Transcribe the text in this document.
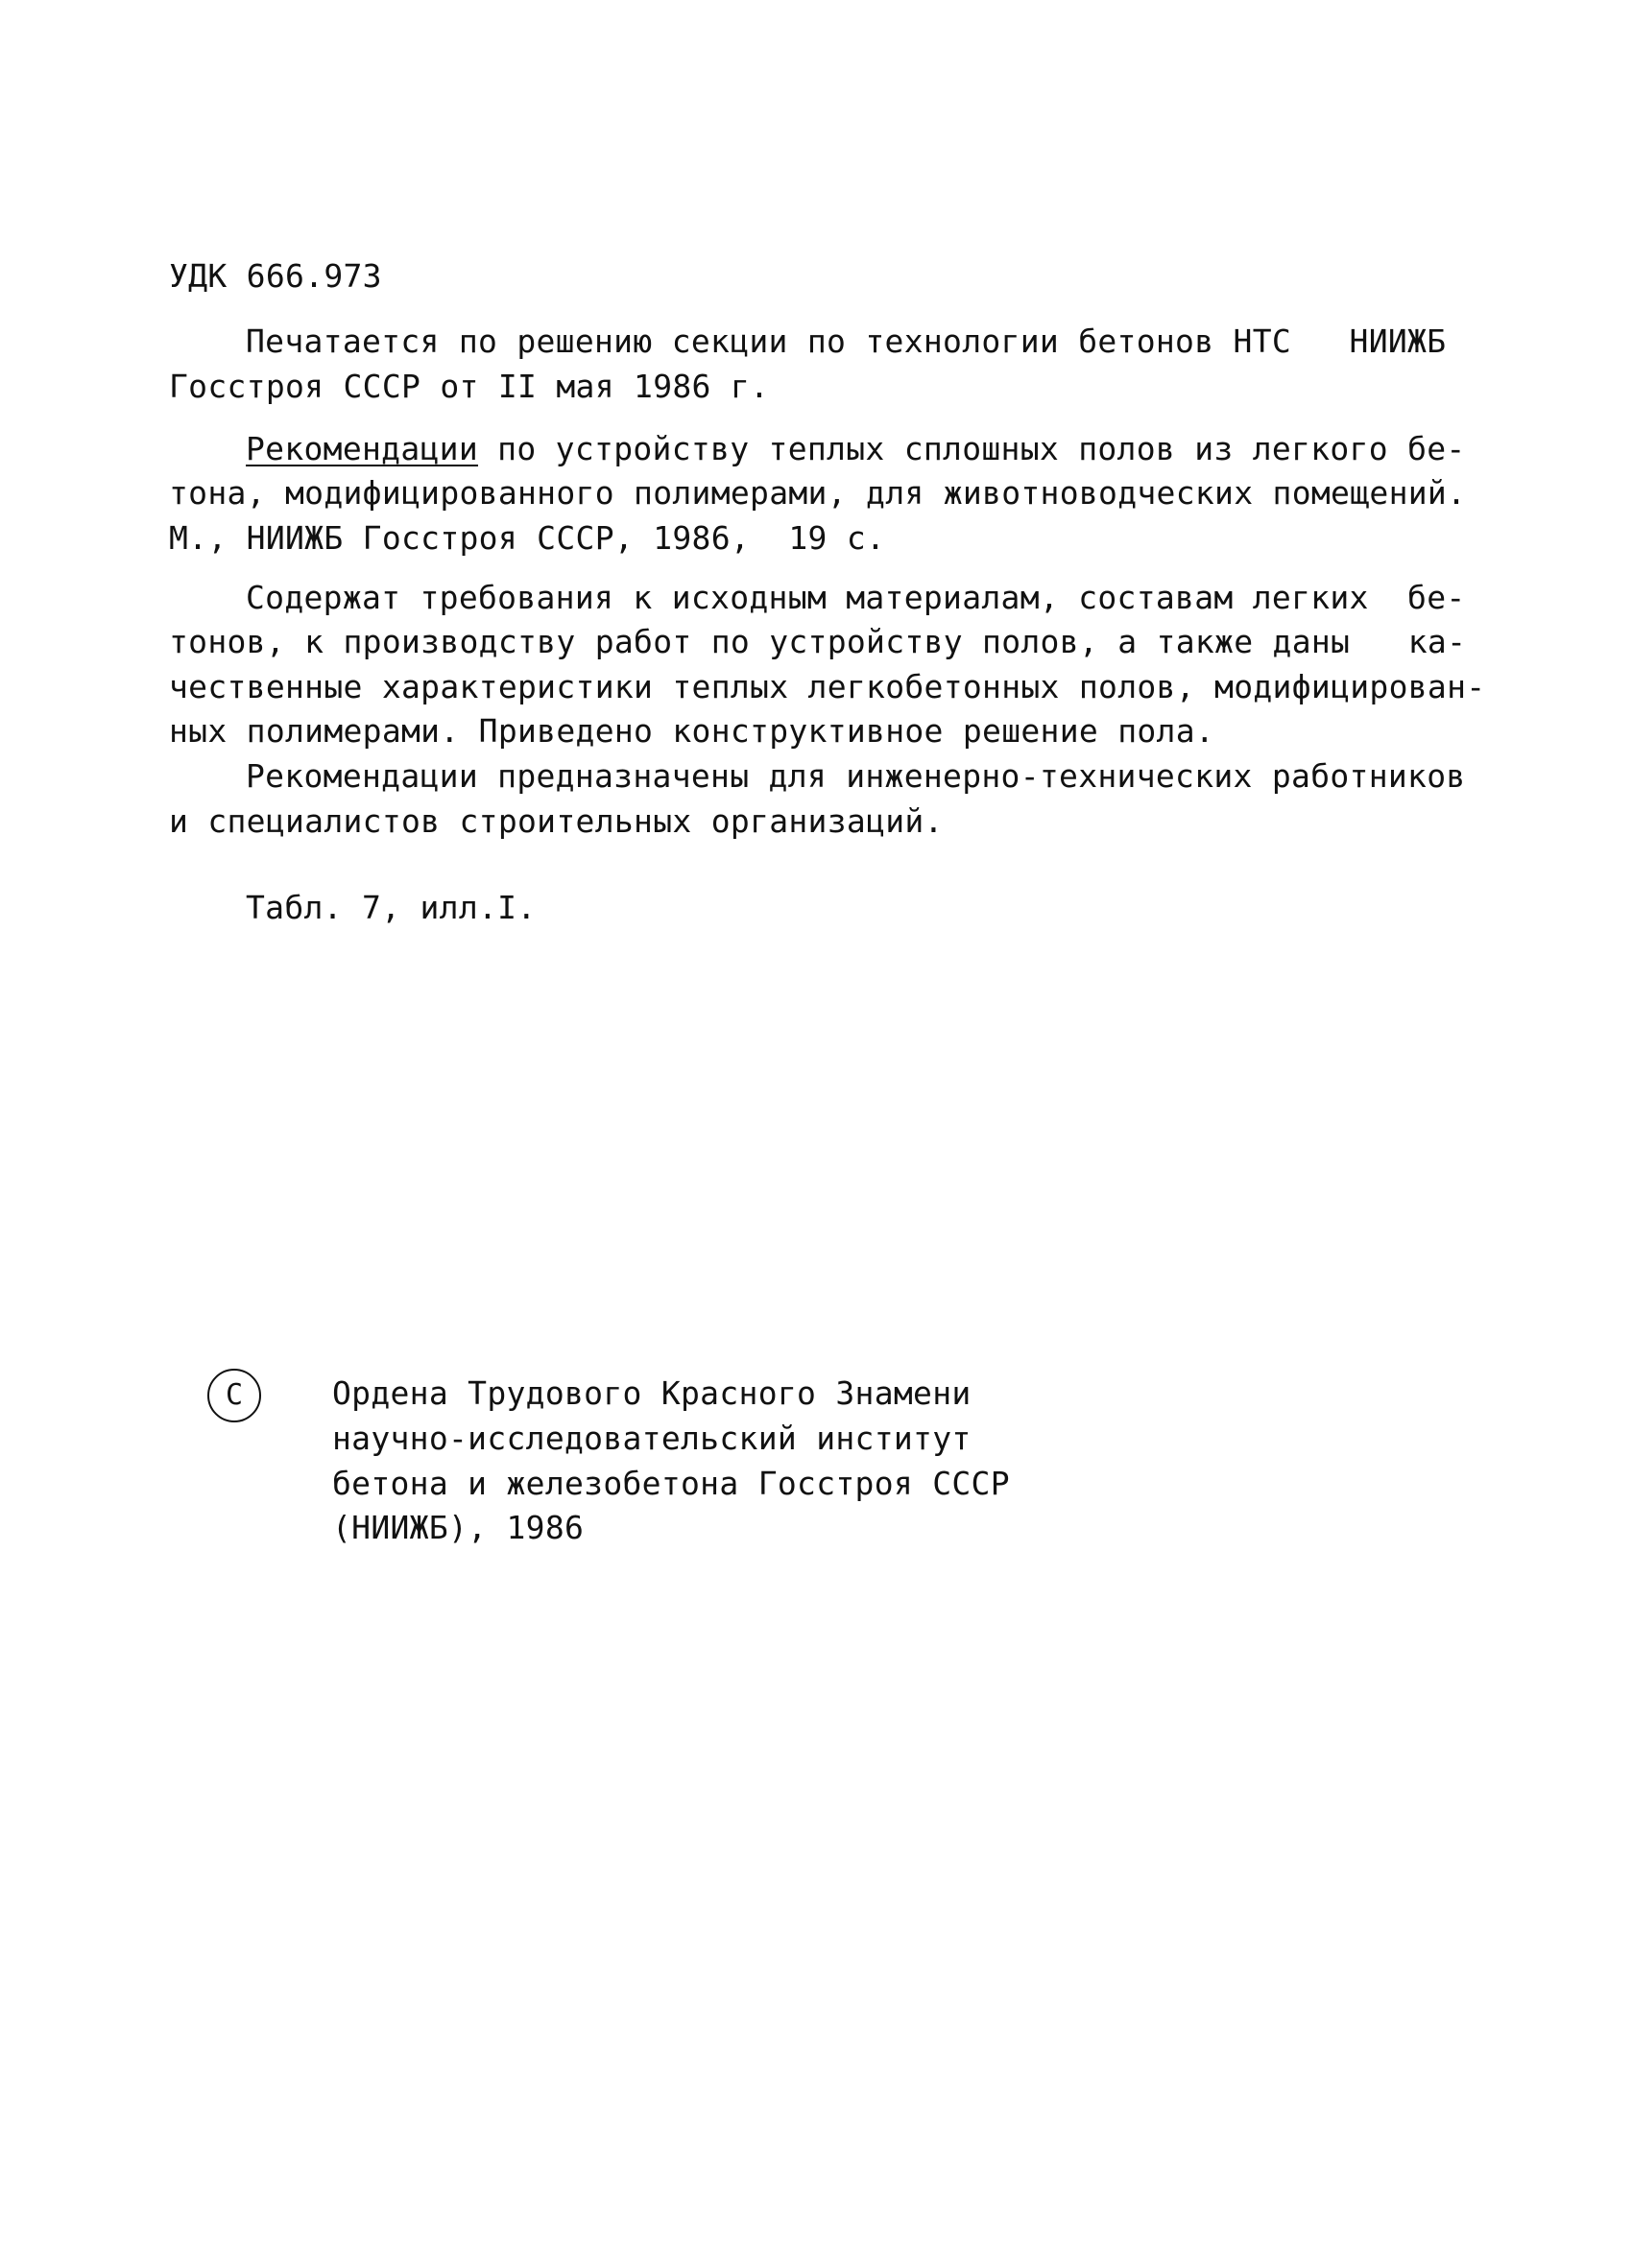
УДК 666.973
Печатается по решению секции по технологии бетонов НТС   НИИЖБ
Госстроя СССР от II мая 1986 г.
Рекомендации по устройству теплых сплошных полов из легкого бе-
тона, модифицированного полимерами, для животноводческих помещений.
М., НИИЖБ Госстроя СССР, 1986,  19 с.
Содержат требования к исходным материалам, составам легких  бе-
тонов, к производству работ по устройству полов, а также даны   ка-
чественные характеристики теплых легкобетонных полов, модифицирован-
ных полимерами. Приведено конструктивное решение пола.
Рекомендации предназначены для инженерно-технических работников
и специалистов строительных организаций.
Табл. 7, илл.I.
С	Ордена Трудового Красного Знамени
научно-исследовательский институт
бетона и железобетона Госстроя СССР
(НИИЖБ), 1986
